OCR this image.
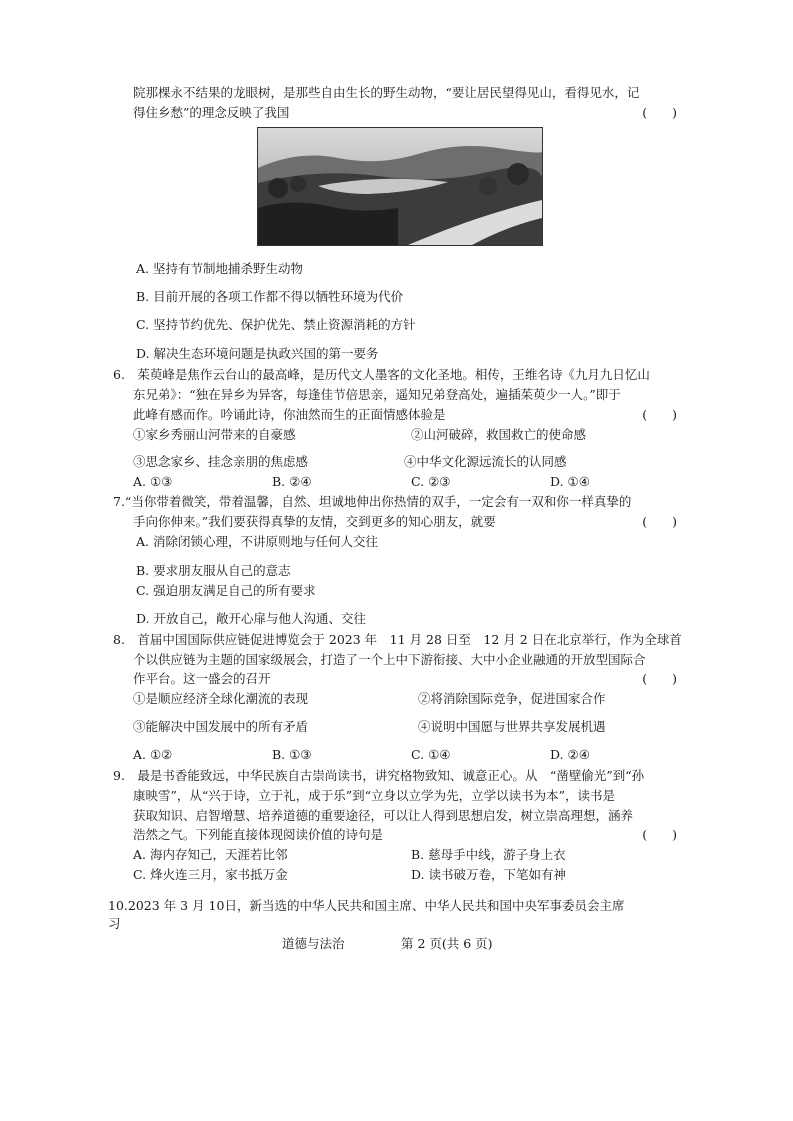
院那棵永不结果的龙眼树，是那些自由生长的野生动物，“要让居民望得见山，看得见水，记
得住乡愁”的理念反映了我国	(　　)
A. 坚持有节制地捕杀野生动物
B. 目前开展的各项工作都不得以牺牲环境为代价
C. 坚持节约优先、保护优先、禁止资源消耗的方针
D. 解决生态环境问题是执政兴国的第一要务
6.　茱萸峰是焦作云台山的最高峰，是历代文人墨客的文化圣地。相传，王维名诗《九月九日忆山
东兄弟》：“独在异乡为异客，每逢佳节倍思亲，遥知兄弟登高处，遍插茱萸少一人。”即于
此峰有感而作。吟诵此诗，你油然而生的正面情感体验是	(　　)
①家乡秀丽山河带来的自豪感	②山河破碎，救国救亡的使命感
③思念家乡、挂念亲朋的焦虑感	④中华文化源远流长的认同感
A. ①③	B. ②④	C. ②③	D. ①④
7.“当你带着微笑，带着温馨，自然、坦诚地伸出你热情的双手，一定会有一双和你一样真挚的
手向你伸来。”我们要获得真挚的友情，交到更多的知心朋友，就要	(　　)
A. 消除闭锁心理，不讲原则地与任何人交往
B. 要求朋友服从自己的意志
C. 强迫朋友满足自己的所有要求
D. 开放自己，敞开心扉与他人沟通、交往
8.　首届中国国际供应链促进博览会于 2023 年　11 月 28 日至　12 月 2 日在北京举行，作为全球首
个以供应链为主题的国家级展会，打造了一个上中下游衔接、大中小企业融通的开放型国际合
作平台。这一盛会的召开	(　　)
①是顺应经济全球化潮流的表现	②将消除国际竞争，促进国家合作
③能解决中国发展中的所有矛盾	④说明中国愿与世界共享发展机遇
A. ①②	B. ①③	C. ①④	D. ②④
9.　最是书香能致远，中华民族自古崇尚读书，讲究格物致知、诚意正心。从　“凿壁偷光”到“孙
康映雪”，从“兴于诗，立于礼，成于乐”到“立身以立学为先，立学以读书为本”，读书是
获取知识、启智增慧、培养道德的重要途径，可以让人得到思想启发，树立崇高理想，涵养
浩然之气。下列能直接体现阅读价值的诗句是	(　　)
A. 海内存知己，天涯若比邻	B. 慈母手中线，游子身上衣
C. 烽火连三月，家书抵万金	D. 读书破万卷，下笔如有神
10.2023 年 3 月 10日，新当选的中华人民共和国主席、中华人民共和国中央军事委员会主席
习
道德与法治	第 2 页(共 6 页)
